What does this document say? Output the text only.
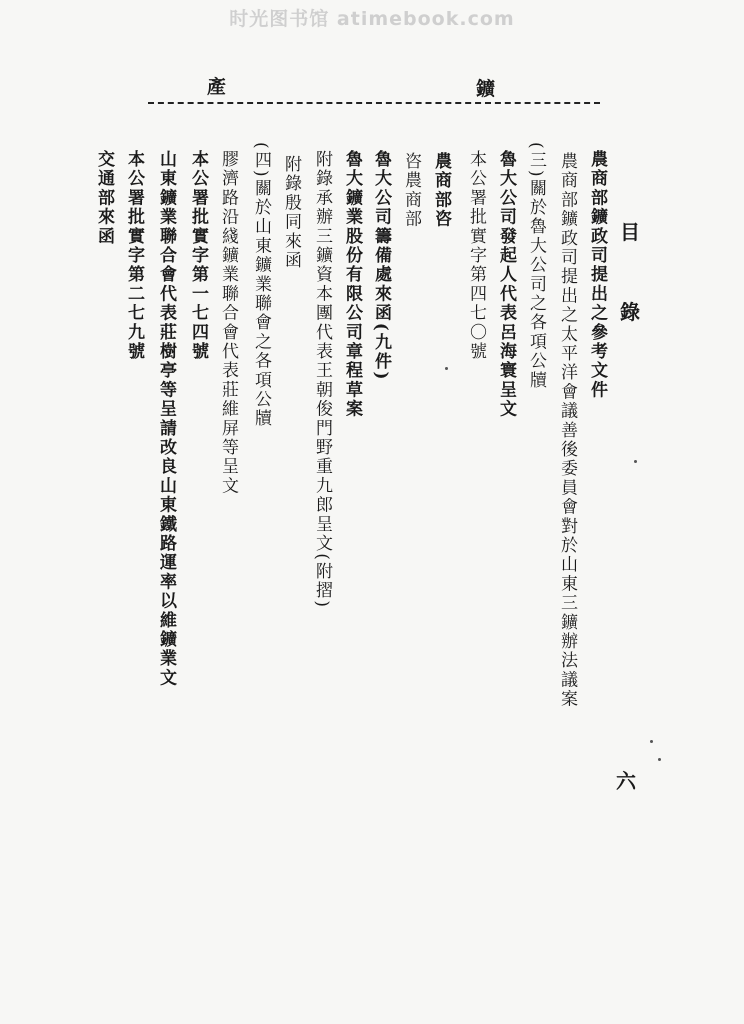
时光图书馆 atimebook.com
產	鑛
目
錄
農商部鑛政司提出之參考文件
農商部鑛政司提出之太平洋會議善後委員會對於山東三鑛辦法議案
(三)關於魯大公司之各項公牘
魯大公司發起人代表呂海寰呈文
本公署批實字第四七〇號
農商部咨
咨農商部
魯大公司籌備處來函(九件)
魯大鑛業股份有限公司章程草案
附錄承辦三鑛資本團代表王朝俊門野重九郎呈文(附摺)
附錄殷同來函
(四)關於山東鑛業聯會之各項公牘
膠濟路沿綫鑛業聯合會代表莊維屏等呈文
本公署批實字第一七四號
山東鑛業聯合會代表莊樹亭等呈請改良山東鐵路運率以維鑛業文
本公署批實字第二七九號
交通部來函
六
